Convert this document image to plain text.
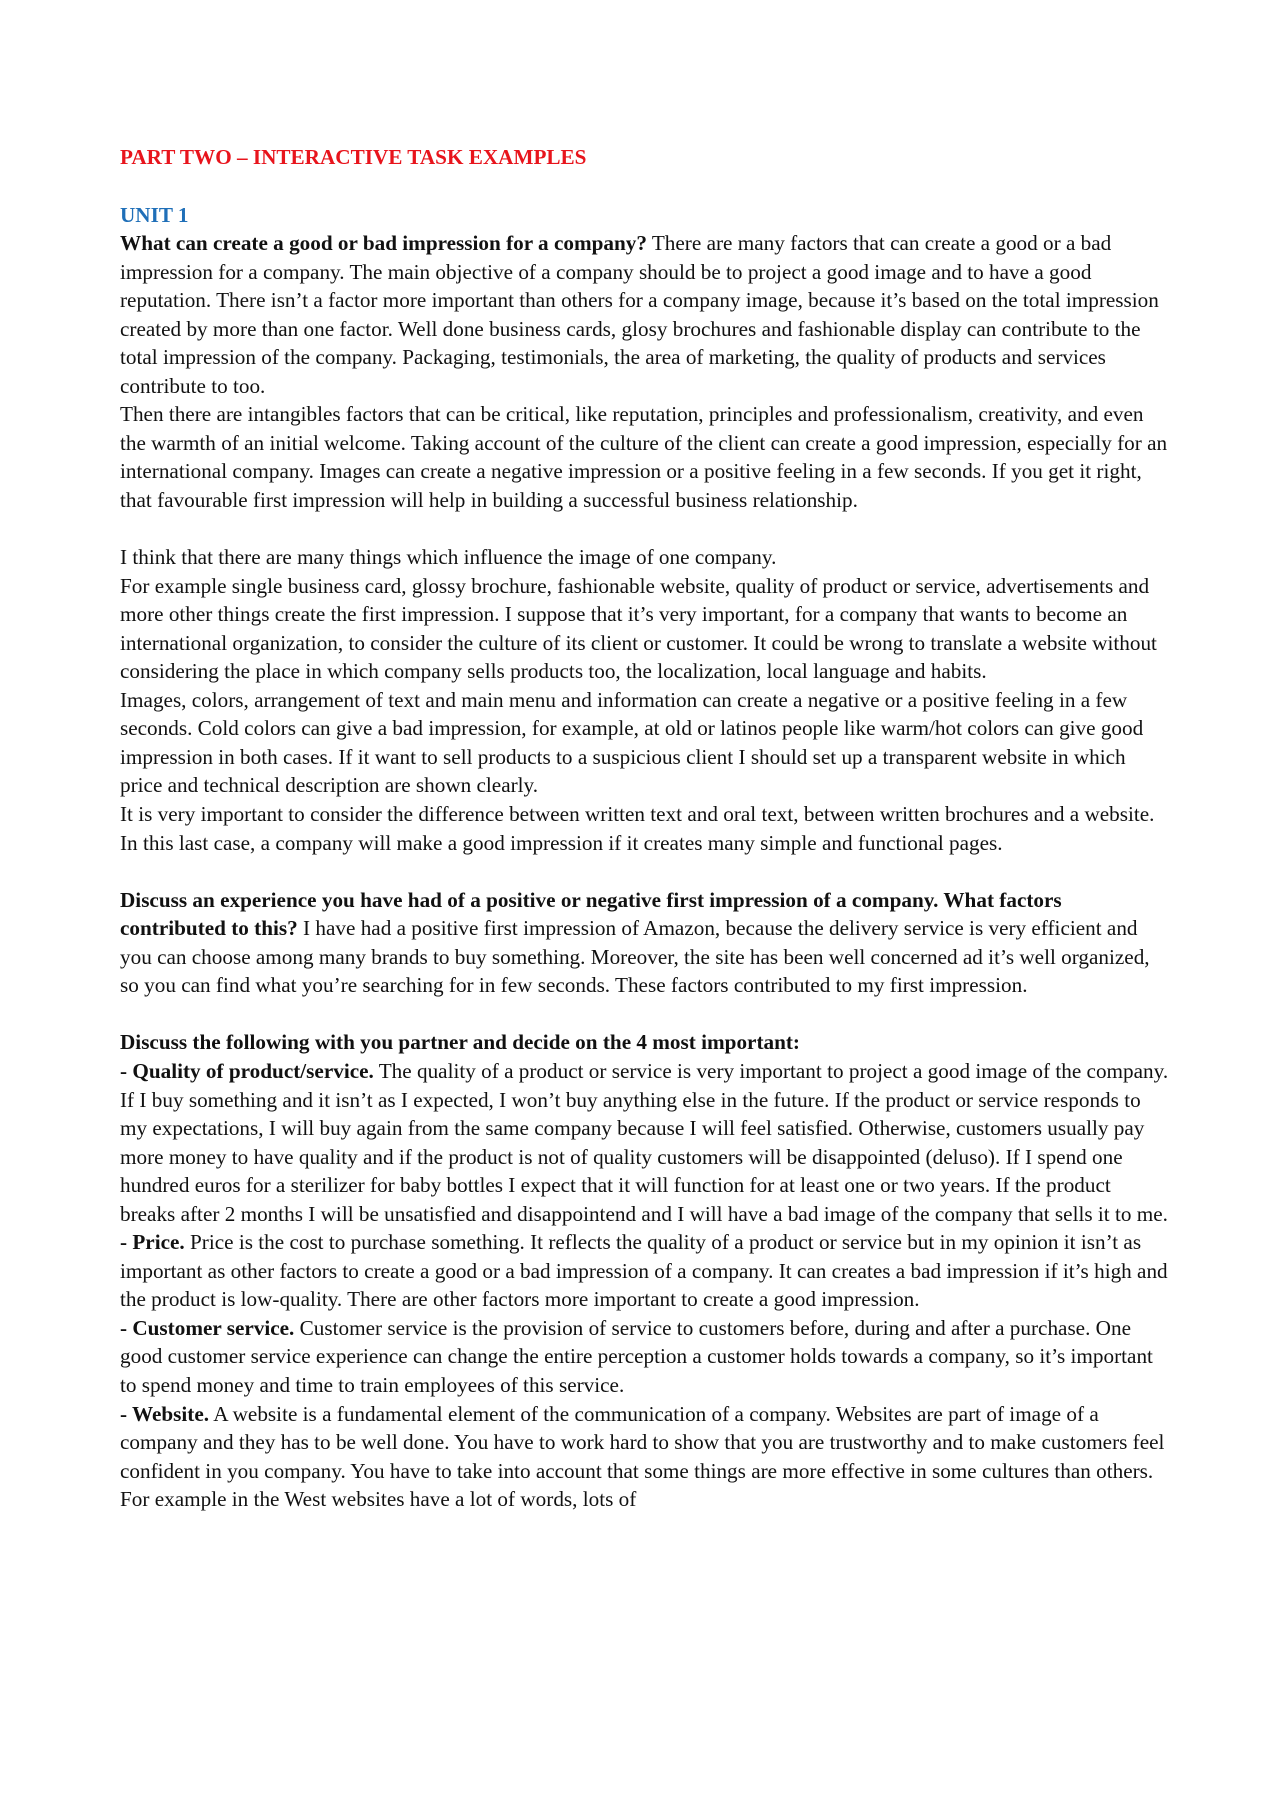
PART TWO – INTERACTIVE TASK EXAMPLES
UNIT 1

What can create a good or bad impression for a company? There are many factors that can create a good or a bad impression for a company. The main objective of a company should be to project a good image and to have a good reputation. There isn’t a factor more important than others for a company image, because it’s based on the total impression created by more than one factor. Well done business cards, glosy brochures and fashionable display can contribute to the total impression of the company. Packaging, testimonials, the area of marketing, the quality of products and services contribute to too.

Then there are intangibles factors that can be critical, like reputation, principles and professionalism, creativity, and even the warmth of an initial welcome. Taking account of the culture of the client can create a good impression, especially for an international company. Images can create a negative impression or a positive feeling in a few seconds. If you get it right, that favourable first impression will help in building a successful business relationship.

I think that there are many things which influence the image of one company.

For example single business card, glossy brochure, fashionable website, quality of product or service, advertisements and more other things create the first impression. I suppose that it’s very important, for a company that wants to become an international organization, to consider the culture of its client or customer. It could be wrong to translate a website without considering the place in which company sells products too, the localization, local language and habits.

Images, colors, arrangement of text and main menu and information can create a negative or a positive feeling in a few seconds. Cold colors can give a bad impression, for example, at old or latinos people like warm/hot colors can give good impression in both cases. If it want to sell products to a suspicious client I should set up a transparent website in which price and technical description are shown clearly.

It is very important to consider the difference between written text and oral text, between written brochures and a website. In this last case, a company will make a good impression if it creates many simple and functional pages.

Discuss an experience you have had of a positive or negative first impression of a company. What factors contributed to this? I have had a positive first impression of Amazon, because the delivery service is very efficient and you can choose among many brands to buy something. Moreover, the site has been well concerned ad it’s well organized, so you can find what you’re searching for in few seconds. These factors contributed to my first impression.

Discuss the following with you partner and decide on the 4 most important:

- Quality of product/service. The quality of a product or service is very important to project a good image of the company. If I buy something and it isn’t as I expected, I won’t buy anything else in the future. If the product or service responds to my expectations, I will buy again from the same company because I will feel satisfied. Otherwise, customers usually pay more money to have quality and if the product is not of quality customers will be disappointed (deluso). If I spend one hundred euros for a sterilizer for baby bottles I expect that it will function for at least one or two years. If the product breaks after 2 months I will be unsatisfied and disappointend and I will have a bad image of the company that sells it to me.

- Price. Price is the cost to purchase something. It reflects the quality of a product or service but in my opinion it isn’t as important as other factors to create a good or a bad impression of a company. It can creates a bad impression if it’s high and the product is low-quality. There are other factors more important to create a good impression.

- Customer service. Customer service is the provision of service to customers before, during and after a purchase. One good customer service experience can change the entire perception a customer holds towards a company, so it’s important to spend money and time to train employees of this service.

- Website. A website is a fundamental element of the communication of a company. Websites are part of image of a company and they has to be well done. You have to work hard to show that you are trustworthy and to make customers feel confident in you company. You have to take into account that some things are more effective in some cultures than others. For example in the West websites have a lot of words, lots of
